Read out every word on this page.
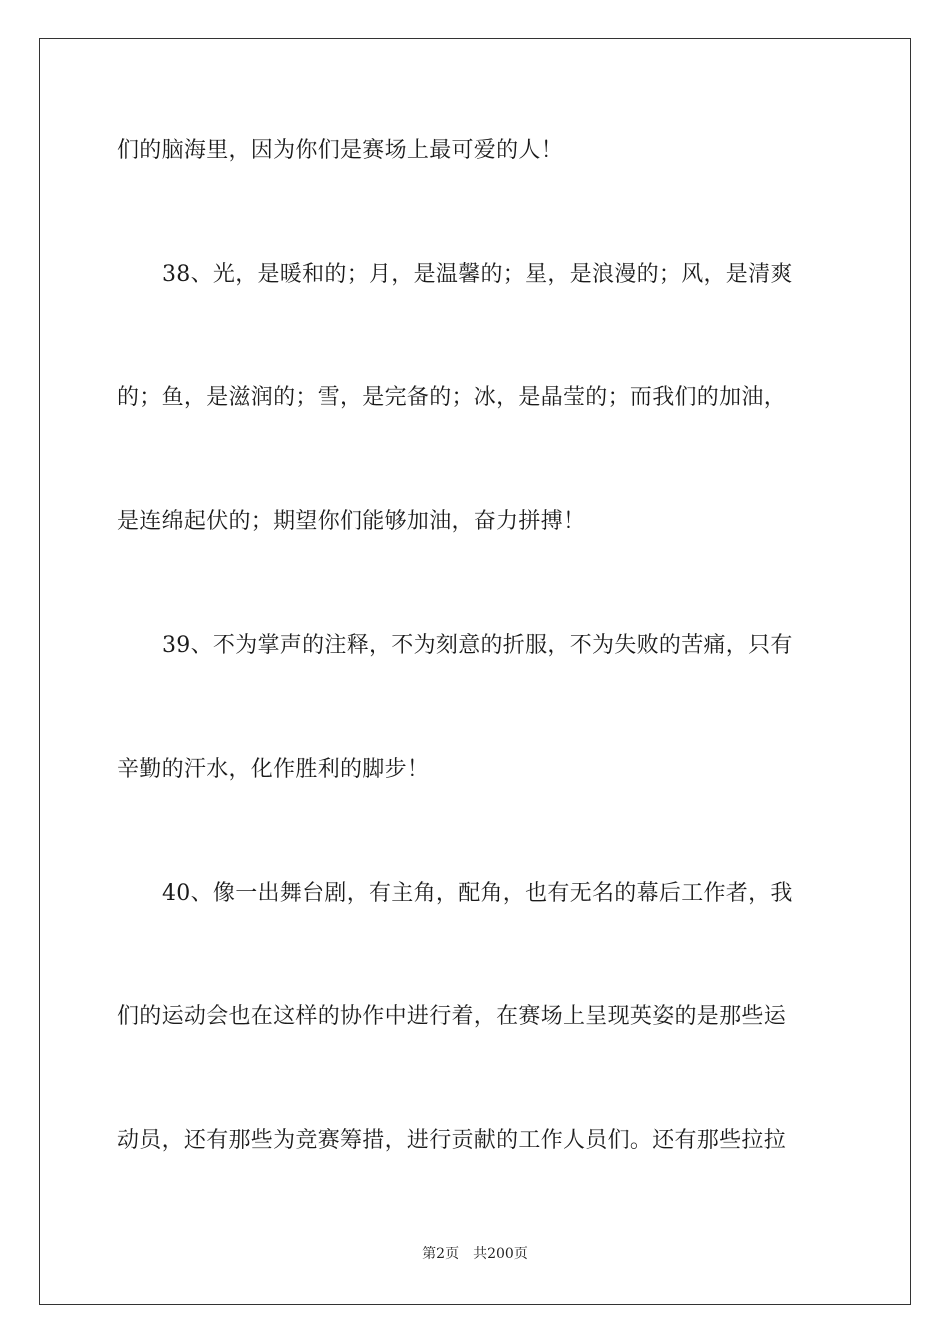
们的脑海里，因为你们是赛场上最可爱的人！
38、光，是暖和的；月，是温馨的；星，是浪漫的；风，是清爽
的；鱼，是滋润的；雪，是完备的；冰，是晶莹的；而我们的加油，
是连绵起伏的；期望你们能够加油，奋力拼搏！
39、不为掌声的注释，不为刻意的折服，不为失败的苦痛，只有
辛勤的汗水，化作胜利的脚步！
40、像一出舞台剧，有主角，配角，也有无名的幕后工作者，我
们的运动会也在这样的协作中进行着，在赛场上呈现英姿的是那些运
动员，还有那些为竞赛筹措，进行贡献的工作人员们。还有那些拉拉
第2页 共200页
